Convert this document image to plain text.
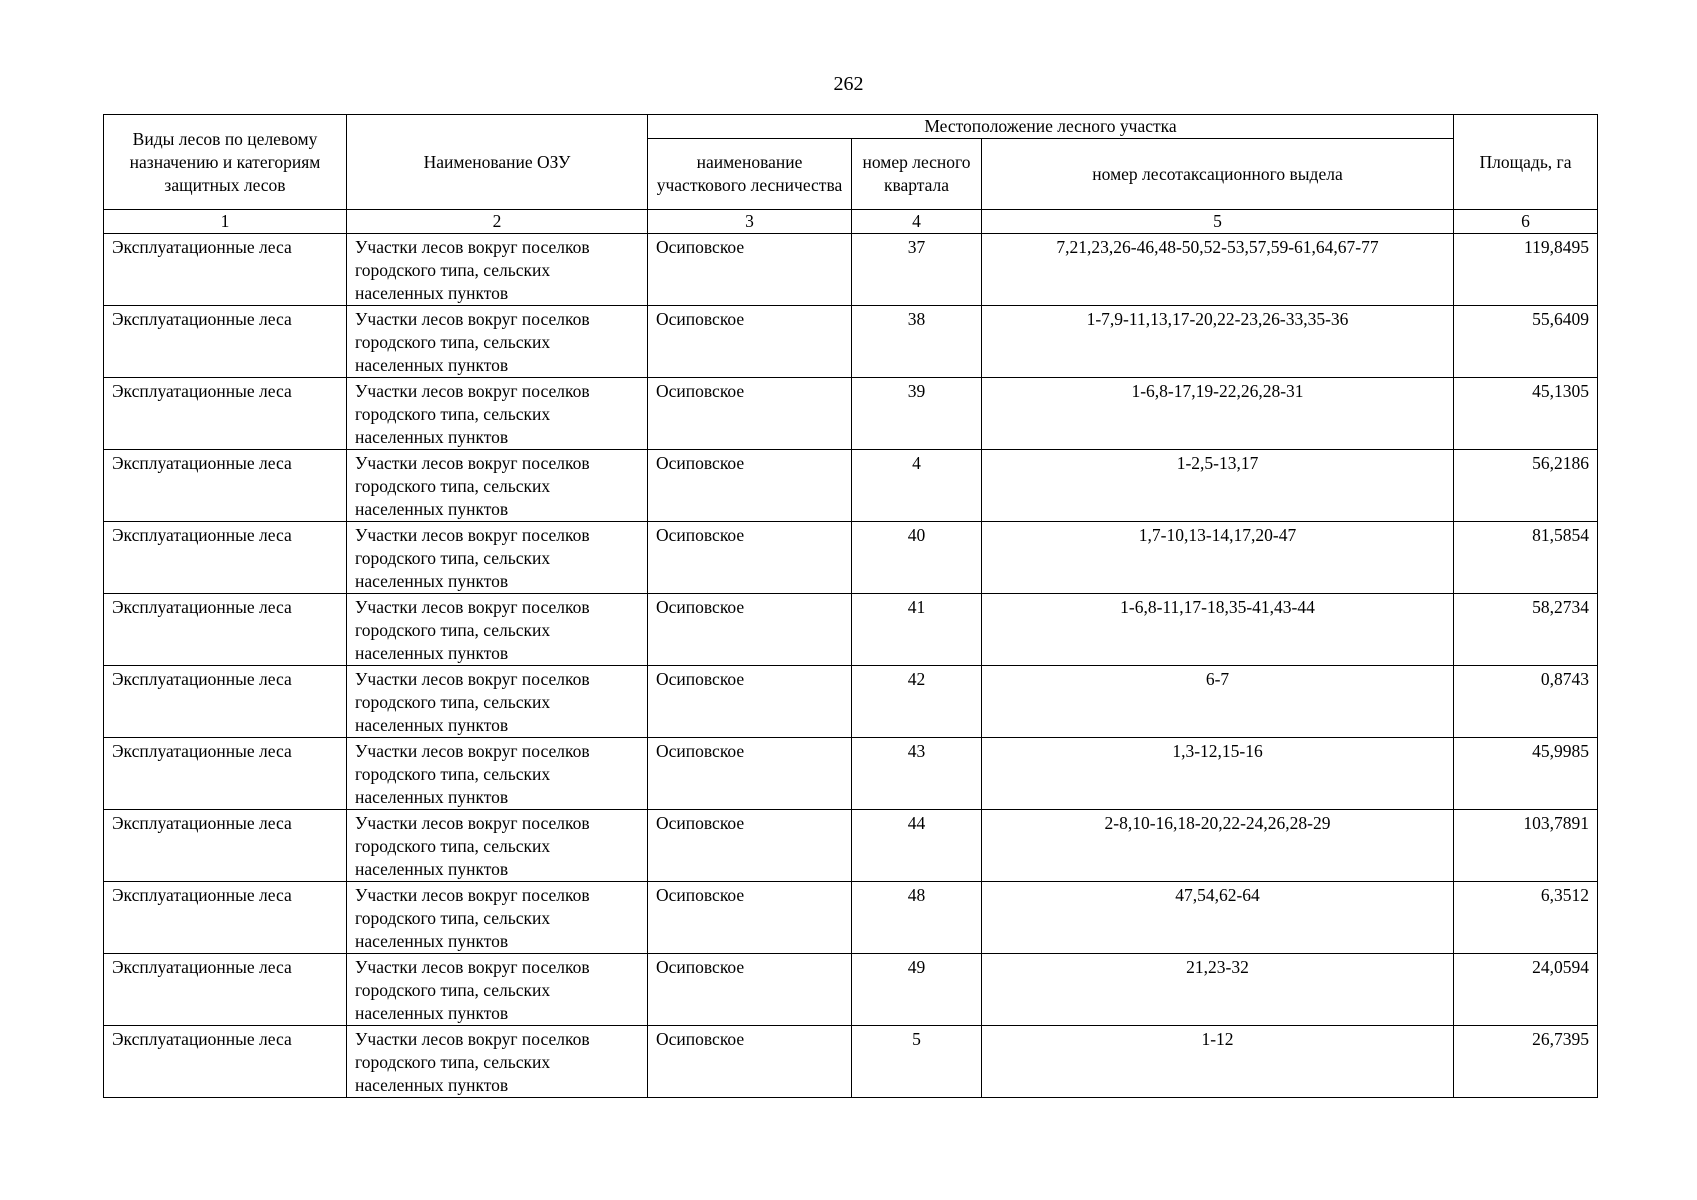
262
Виды лесов по целевому назначению и категориям защитных лесов	Наименование ОЗУ	Местоположение лесного участка			Площадь, га
		наименование участкового лесничества	номер лесного квартала	номер лесотаксационного выдела	
1	2	3	4	5	6
Эксплуатационные леса	Участки лесов вокруг поселков городского типа, сельских населенных пунктов	Осиповское	37	7,21,23,26-46,48-50,52-53,57,59-61,64,67-77	119,8495
Эксплуатационные леса	Участки лесов вокруг поселков городского типа, сельских населенных пунктов	Осиповское	38	1-7,9-11,13,17-20,22-23,26-33,35-36	55,6409
Эксплуатационные леса	Участки лесов вокруг поселков городского типа, сельских населенных пунктов	Осиповское	39	1-6,8-17,19-22,26,28-31	45,1305
Эксплуатационные леса	Участки лесов вокруг поселков городского типа, сельских населенных пунктов	Осиповское	4	1-2,5-13,17	56,2186
Эксплуатационные леса	Участки лесов вокруг поселков городского типа, сельских населенных пунктов	Осиповское	40	1,7-10,13-14,17,20-47	81,5854
Эксплуатационные леса	Участки лесов вокруг поселков городского типа, сельских населенных пунктов	Осиповское	41	1-6,8-11,17-18,35-41,43-44	58,2734
Эксплуатационные леса	Участки лесов вокруг поселков городского типа, сельских населенных пунктов	Осиповское	42	6-7	0,8743
Эксплуатационные леса	Участки лесов вокруг поселков городского типа, сельских населенных пунктов	Осиповское	43	1,3-12,15-16	45,9985
Эксплуатационные леса	Участки лесов вокруг поселков городского типа, сельских населенных пунктов	Осиповское	44	2-8,10-16,18-20,22-24,26,28-29	103,7891
Эксплуатационные леса	Участки лесов вокруг поселков городского типа, сельских населенных пунктов	Осиповское	48	47,54,62-64	6,3512
Эксплуатационные леса	Участки лесов вокруг поселков городского типа, сельских населенных пунктов	Осиповское	49	21,23-32	24,0594
Эксплуатационные леса	Участки лесов вокруг поселков городского типа, сельских населенных пунктов	Осиповское	5	1-12	26,7395
